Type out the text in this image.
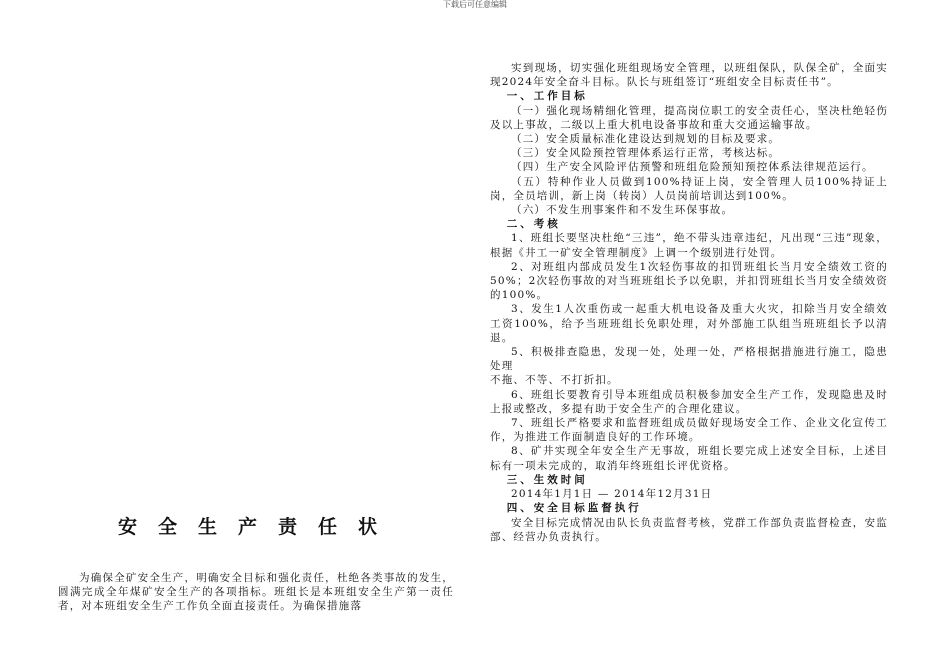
下载后可任意编辑
安全生产责任状

为确保全矿安全生产，明确安全目标和强化责任，杜绝各类事故的发生，圆满完成全年煤矿安全生产的各项指标。班组长是本班组安全生产第一责任者，对本班组安全生产工作负全面直接责任。为确保措施落

实到现场，切实强化班组现场安全管理，以班组保队，队保全矿，全面实现2024年安全奋斗目标。队长与班组签订“班组安全目标责任书”。

一、工作目标

（一）强化现场精细化管理，提高岗位职工的安全责任心，坚决杜绝轻伤及以上事故，二级以上重大机电设备事故和重大交通运输事故。

（二）安全质量标准化建设达到规划的目标及要求。

（三）安全风险预控管理体系运行正常，考核达标。

（四）生产安全风险评估预警和班组危险预知预控体系法律规范运行。

（五）特种作业人员做到100%持证上岗，安全管理人员100%持证上岗，全员培训，新上岗（转岗）人员岗前培训达到100%。

（六）不发生刑事案件和不发生环保事故。

二、考核

1、班组长要坚决杜绝“三违”，绝不带头违章违纪，凡出现“三违”现象，根据《井工一矿安全管理制度》上调一个级别进行处罚。

2、对班组内部成员发生1次轻伤事故的扣罚班组长当月安全绩效工资的50%；2次轻伤事故的对当班班组长予以免职，并扣罚班组长当月安全绩效资的100%。

3、发生1人次重伤或一起重大机电设备及重大火灾，扣除当月安全绩效工资100%，给予当班班组长免职处理，对外部施工队组当班班组长予以清退。

5、积极排查隐患，发现一处，处理一处，严格根据措施进行施工，隐患处理

不拖、不等、不打折扣。

6、班组长要教育引导本班组成员积极参加安全生产工作，发现隐患及时上报或整改，多提有助于安全生产的合理化建议。

7、班组长严格要求和监督班组成员做好现场安全工作、企业文化宣传工作，为推进工作面制造良好的工作环境。

8、矿井实现全年安全生产无事故，班组长要完成上述安全目标，上述目标有一项未完成的，取消年终班组长评优资格。

三、生效时间

2014年1月1日 — 2014年12月31日

四、安全目标监督执行

安全目标完成情况由队长负责监督考核，党群工作部负责监督检查，安监部、经营办负责执行。
